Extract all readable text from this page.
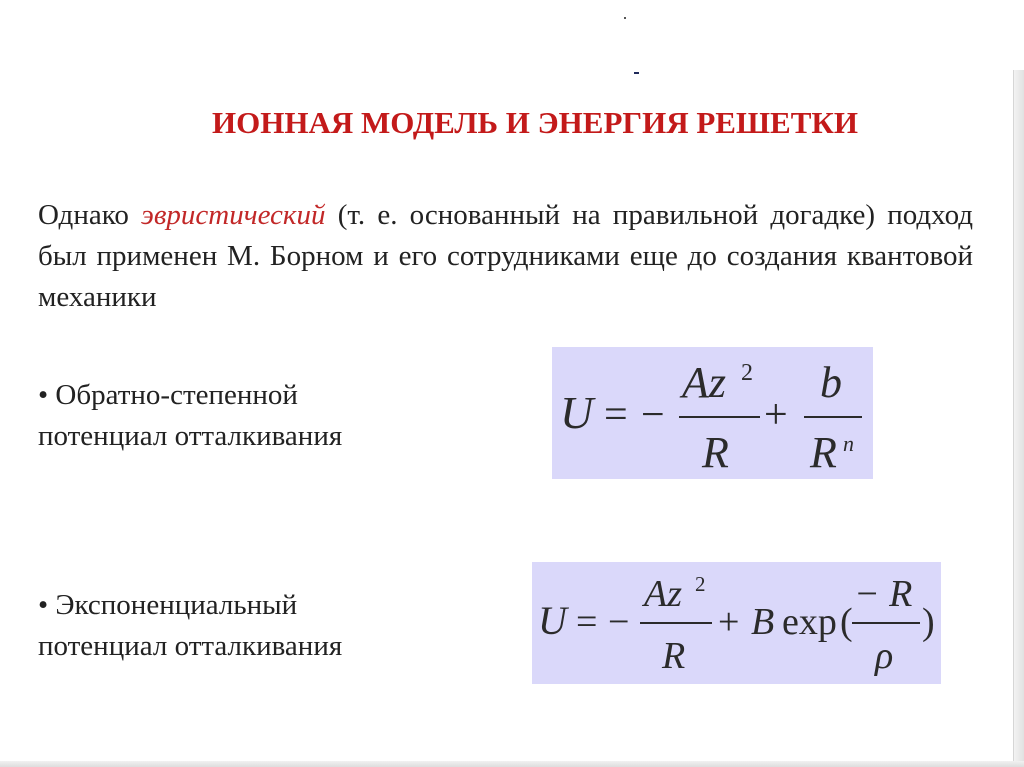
ИОННАЯ МОДЕЛЬ И ЭНЕРГИЯ РЕШЕТКИ

Однако эвристический (т. е. основанный на правильной догадке) подход был применен М. Борном и его сотрудниками еще до создания квантовой механики

• Обратно-степенной
потенциал отталкивания

• Экспоненциальный
потенциал отталкивания

U = −
Az 2
R
+
b
R n
U = −
Az 2
R
+ B exp (
− R
ρ
)
